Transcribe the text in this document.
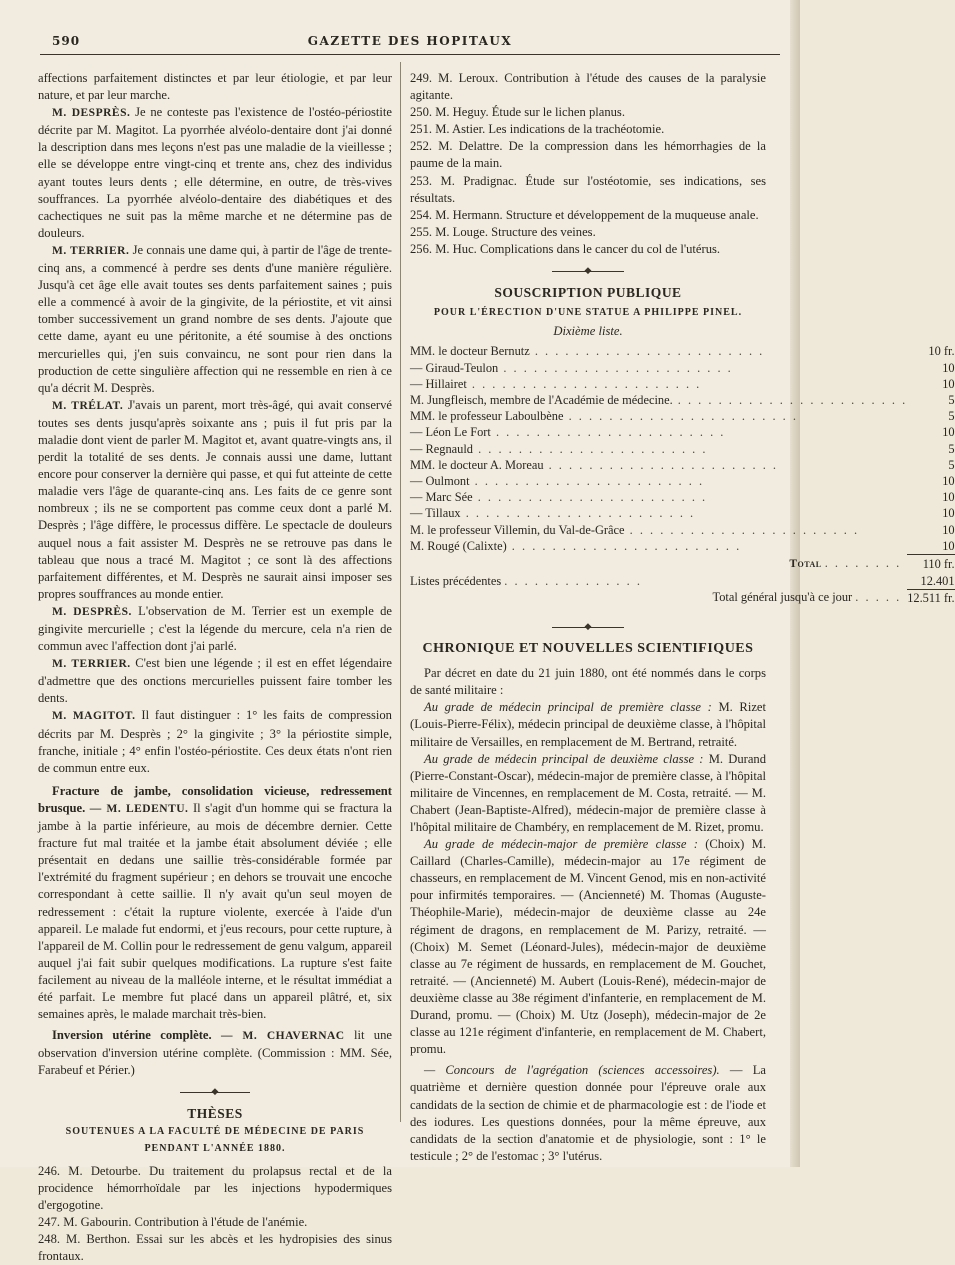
590	GAZETTE DES HOPITAUX

affections parfaitement distinctes et par leur étiologie, et par leur nature, et par leur marche.

M. DESPRÈS. Je ne conteste pas l'existence de l'ostéo-périostite décrite par M. Magitot. La pyorrhée alvéolo-dentaire dont j'ai donné la description dans mes leçons n'est pas une maladie de la vieillesse ; elle se développe entre vingt-cinq et trente ans, chez des individus ayant toutes leurs dents ; elle détermine, en outre, de très-vives souffrances. La pyorrhée alvéolo-dentaire des diabétiques et des cachectiques ne suit pas la même marche et ne détermine pas de douleurs.

M. TERRIER. Je connais une dame qui, à partir de l'âge de trente-cinq ans, a commencé à perdre ses dents d'une manière régulière. Jusqu'à cet âge elle avait toutes ses dents parfaitement saines ; puis elle a commencé à avoir de la gingivite, de la périostite, et vit ainsi tomber successivement un grand nombre de ses dents. J'ajoute que cette dame, ayant eu une péritonite, a été soumise à des onctions mercurielles qui, j'en suis convaincu, ne sont pour rien dans la production de cette singulière affection qui ne ressemble en rien à ce qu'a décrit M. Desprès.

M. TRÉLAT. J'avais un parent, mort très-âgé, qui avait conservé toutes ses dents jusqu'après soixante ans ; puis il fut pris par la maladie dont vient de parler M. Magitot et, avant quatre-vingts ans, il perdit la totalité de ses dents. Je connais aussi une dame, luttant encore pour conserver la dernière qui passe, et qui fut atteinte de cette maladie vers l'âge de quarante-cinq ans. Les faits de ce genre sont nombreux ; ils ne se comportent pas comme ceux dont a parlé M. Desprès ; l'âge diffère, le processus diffère. Le spectacle de douleurs auquel nous a fait assister M. Desprès ne se retrouve pas dans le tableau que nous a tracé M. Magitot ; ce sont là des affections parfaitement différentes, et M. Desprès ne saurait ainsi imposer ses propres souffrances au monde entier.

M. DESPRÈS. L'observation de M. Terrier est un exemple de gingivite mercurielle ; c'est la légende du mercure, cela n'a rien de commun avec l'affection dont j'ai parlé.

M. TERRIER. C'est bien une légende ; il est en effet légendaire d'admettre que des onctions mercurielles puissent faire tomber les dents.

M. MAGITOT. Il faut distinguer : 1° les faits de compression décrits par M. Desprès ; 2° la gingivite ; 3° la périostite simple, franche, initiale ; 4° enfin l'ostéo-périostite. Ces deux états n'ont rien de commun entre eux.

Fracture de jambe, consolidation vicieuse, redressement brusque. — M. LEDENTU. Il s'agit d'un homme qui se fractura la jambe à la partie inférieure, au mois de décembre dernier. Cette fracture fut mal traitée et la jambe était absolument déviée ; elle présentait en dedans une saillie très-considérable formée par l'extrémité du fragment supérieur ; en dehors se trouvait une encoche correspondant à cette saillie. Il n'y avait qu'un seul moyen de redressement : c'était la rupture violente, exercée à l'aide d'un appareil. Le malade fut endormi, et j'eus recours, pour cette rupture, à l'appareil de M. Collin pour le redressement de genu valgum, appareil auquel j'ai fait subir quelques modifications. La rupture s'est faite facilement au niveau de la malléole interne, et le résultat immédiat a été parfait. Le membre fut placé dans un appareil plâtré, et, six semaines après, le malade marchait très-bien.

Inversion utérine complète. — M. CHAVERNAC lit une observation d'inversion utérine complète. (Commission : MM. Sée, Farabeuf et Périer.)

◆

THÈSES

SOUTENUES A LA FACULTÉ DE MÉDECINE DE PARIS

PENDANT L'ANNÉE 1880.

246. M. Detourbe. Du traitement du prolapsus rectal et de la procidence hémorrhoïdale par les injections hypodermiques d'ergogotine.

247. M. Gabourin. Contribution à l'étude de l'anémie.

248. M. Berthon. Essai sur les abcès et les hydropisies des sinus frontaux.

249. M. Leroux. Contribution à l'étude des causes de la paralysie agitante.

250. M. Heguy. Étude sur le lichen planus.

251. M. Astier. Les indications de la trachéotomie.

252. M. Delattre. De la compression dans les hémorrhagies de la paume de la main.

253. M. Pradignac. Étude sur l'ostéotomie, ses indications, ses résultats.

254. M. Hermann. Structure et développement de la muqueuse anale.

255. M. Louge. Structure des veines.

256. M. Huc. Complications dans le cancer du col de l'utérus.

◆

SOUSCRIPTION PUBLIQUE

POUR L'ÉRECTION D'UNE STATUE A PHILIPPE PINEL.

Dixième liste.

MM. le docteur Bernutz . . . . . . . . . . . . . . . . . . . . . . .	10 fr.
— Giraud-Teulon . . . . . . . . . . . . . . . . . . . . . . .	10
— Hillairet . . . . . . . . . . . . . . . . . . . . . . .	10
M. Jungfleisch, membre de l'Académie de médecine. . . . . . . . . . . . . . . . . . . . . . . .	5
MM. le professeur Laboulbène . . . . . . . . . . . . . . . . . . . . . . .	5
— Léon Le Fort . . . . . . . . . . . . . . . . . . . . . . .	10
— Regnauld . . . . . . . . . . . . . . . . . . . . . . .	5
MM. le docteur A. Moreau . . . . . . . . . . . . . . . . . . . . . . .	5
— Oulmont . . . . . . . . . . . . . . . . . . . . . . .	10
— Marc Sée . . . . . . . . . . . . . . . . . . . . . . .	10
— Tillaux . . . . . . . . . . . . . . . . . . . . . . .	10
M. le professeur Villemin, du Val-de-Grâce . . . . . . . . . . . . . . . . . . . . . . .	10
M. Rougé (Calixte) . . . . . . . . . . . . . . . . . . . . . . .	10
Total . . . . . . . .	110 fr.
Listes précédentes . . . . . . . . . . . . . .	12.401
Total général jusqu'à ce jour . . . . .	12.511 fr.
◆

CHRONIQUE ET NOUVELLES SCIENTIFIQUES

Par décret en date du 21 juin 1880, ont été nommés dans le corps de santé militaire :

Au grade de médecin principal de première classe : M. Rizet (Louis-Pierre-Félix), médecin principal de deuxième classe, à l'hôpital militaire de Versailles, en remplacement de M. Bertrand, retraité.

Au grade de médecin principal de deuxième classe : M. Durand (Pierre-Constant-Oscar), médecin-major de première classe, à l'hôpital militaire de Vincennes, en remplacement de M. Costa, retraité. — M. Chabert (Jean-Baptiste-Alfred), médecin-major de première classe à l'hôpital militaire de Chambéry, en remplacement de M. Rizet, promu.

Au grade de médecin-major de première classe : (Choix) M. Caillard (Charles-Camille), médecin-major au 17e régiment de chasseurs, en remplacement de M. Vincent Genod, mis en non-activité pour infirmités temporaires. — (Ancienneté) M. Thomas (Auguste-Théophile-Marie), médecin-major de deuxième classe au 24e régiment de dragons, en remplacement de M. Parizy, retraité. — (Choix) M. Semet (Léonard-Jules), médecin-major de deuxième classe au 7e régiment de hussards, en remplacement de M. Gouchet, retraité. — (Ancienneté) M. Aubert (Louis-René), médecin-major de deuxième classe au 38e régiment d'infanterie, en remplacement de M. Durand, promu. — (Choix) M. Utz (Joseph), médecin-major de 2e classe au 121e régiment d'infanterie, en remplacement de M. Chabert, promu.

— Concours de l'agrégation (sciences accessoires). — La quatrième et dernière question donnée pour l'épreuve orale aux candidats de la section de chimie et de pharmacologie est : de l'iode et des iodures. Les questions données, pour la même épreuve, aux candidats de la section d'anatomie et de physiologie, sont : 1° le testicule ; 2° de l'estomac ; 3° l'utérus.
